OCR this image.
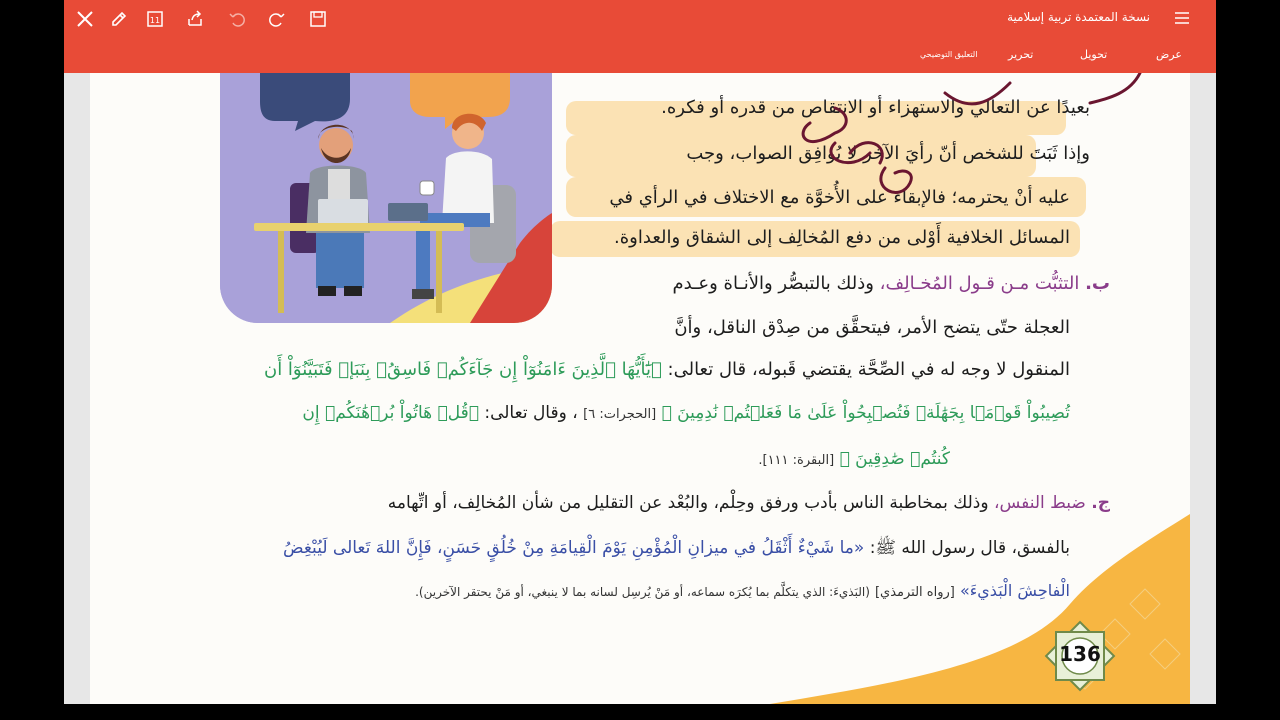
11	نسخة المعتمدة تربية إسلامية
عرض
تحويل
تحرير
التعليق التوضيحي
بعيدًا عن التعالي والاستهزاء أو الانتقاص من قدره أو فكره.
وإذا ثَبَتَ للشخص أنّ رأيَ الآخر لا يُوافِق الصواب، وجب
عليه أنْ يحترمه؛ فالإبقاء على الأُخوَّة مع الاختلاف في الرأي في
المسائل الخلافية أَوْلى من دفع المُخالِف إلى الشقاق والعداوة.
ب. التثبُّت مـن قـول المُخـالِف، وذلك بالتبصُّر والأنـاة وعـدم
العجلة حتّى يتضح الأمر، فيتحقَّق من صِدْق الناقل، وأنَّ
المنقول لا وجه له في الصِّحَّة يقتضي قَبوله، قال تعالى: ﴿يَٰٓأَيُّهَا ٱلَّذِينَ ءَامَنُوٓاْ إِن جَآءَكُمۡ فَاسِقُۢ بِنَبَإٖ فَتَبَيَّنُوٓاْ أَن
تُصِيبُواْ قَوۡمَۢا بِجَهَٰلَةٖ فَتُصۡبِحُواْ عَلَىٰ مَا فَعَلۡتُمۡ نَٰدِمِينَ ﴾ [الحجرات: ٦] ، وقال تعالى: ﴿قُلۡ هَاتُواْ بُرۡهَٰنَكُمۡ إِن
كُنتُمۡ صَٰدِقِينَ ﴾ [البقرة: ١١١].
ج. ضبط النفس، وذلك بمخاطبة الناس بأدب ورفق وحِلْم، والبُعْد عن التقليل من شأن المُخالِف، أو اتِّهامه
بالفسق، قال رسول الله ﷺ: «ما شَيْءٌ أَثْقَلُ في ميزانِ الْمُؤْمِنِ يَوْمَ الْقِيامَةِ مِنْ خُلُقٍ حَسَنٍ، فَإِنَّ اللهَ تَعالى لَيُبْغِضُ
الْفاحِشَ الْبَذيءَ» [رواه الترمذي] (البَذيءَ: الذي يتكلَّم بما يُكرَه سماعه، أو مَنْ يُرسِل لسانه بما لا ينبغي، أو مَنْ يحتقر الآخرين).
136
